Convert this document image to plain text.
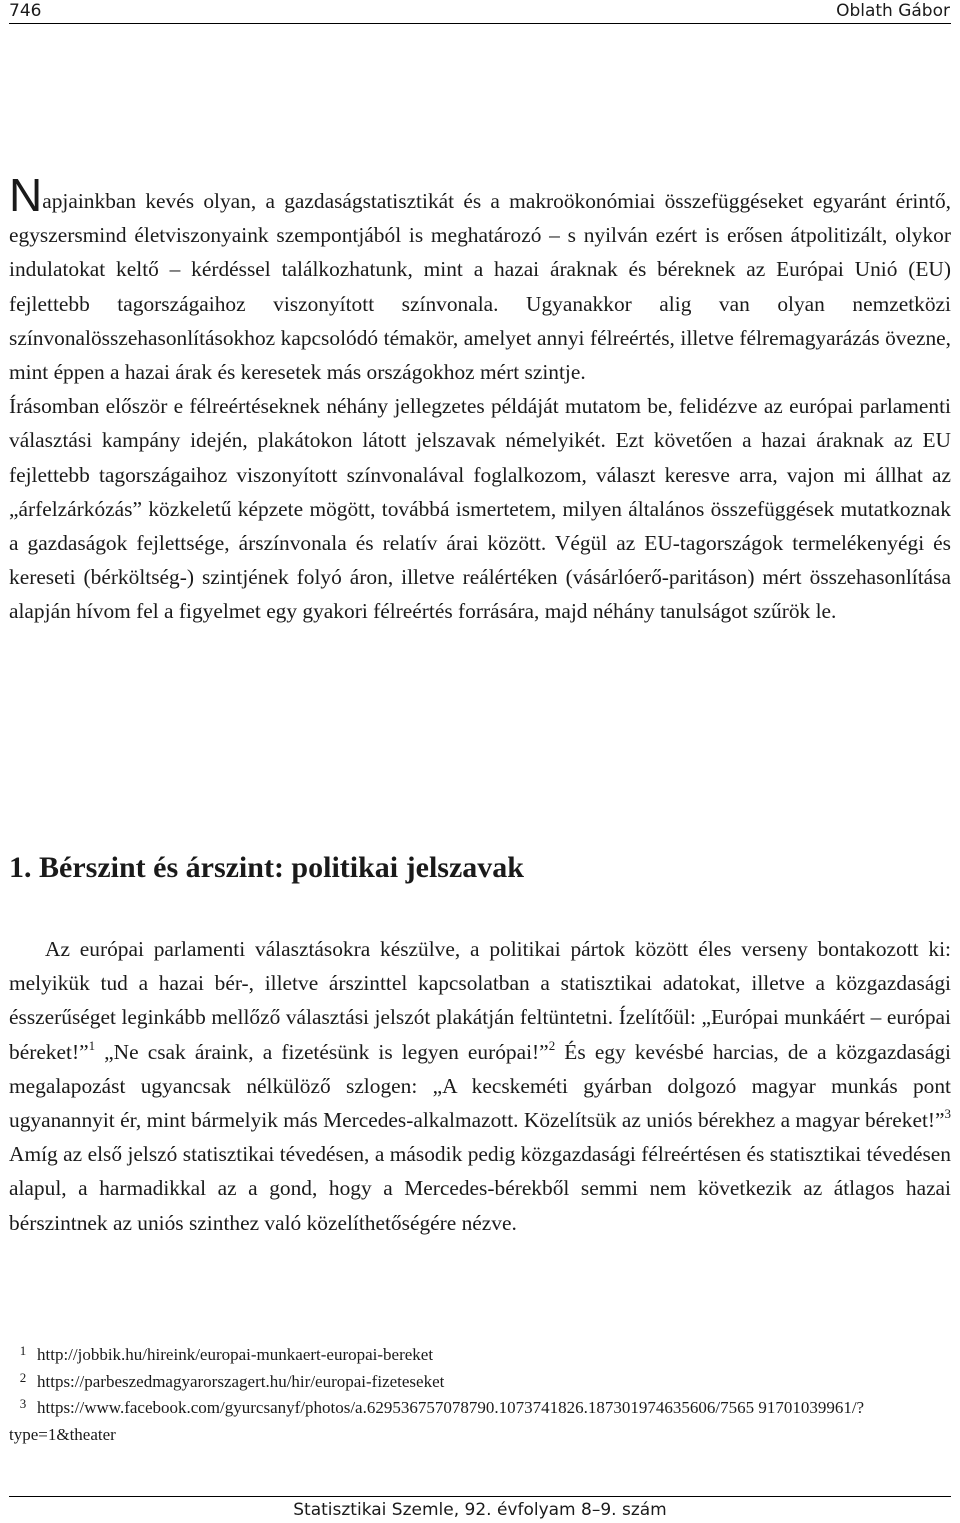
746	Oblath Gábor

Napjainkban kevés olyan, a gazdaságstatisztikát és a makroökonómiai összefüggéseket egyaránt érintő, egyszersmind életviszonyaink szempontjából is meghatározó – s nyilván ezért is erősen átpolitizált, olykor indulatokat keltő – kérdéssel találkozhatunk, mint a hazai áraknak és béreknek az Európai Unió (EU) fejlettebb tagországaihoz viszonyított színvonala. Ugyanakkor alig van olyan nemzetközi színvonalösszehasonlításokhoz kapcsolódó témakör, amelyet annyi félreértés, illetve félremagyarázás övezne, mint éppen a hazai árak és keresetek más országokhoz mért szintje.

Írásomban először e félreértéseknek néhány jellegzetes példáját mutatom be, felidézve az európai parlamenti választási kampány idején, plakátokon látott jelszavak némelyikét. Ezt követően a hazai áraknak az EU fejlettebb tagországaihoz viszonyított színvonalával foglalkozom, választ keresve arra, vajon mi állhat az „árfelzárkózás” közkeletű képzete mögött, továbbá ismertetem, milyen általános összefüggések mutatkoznak a gazdaságok fejlettsége, árszínvonala és relatív árai között. Végül az EU-tagországok termelékenyégi és kereseti (bérköltség-) szintjének folyó áron, illetve reálértéken (vásárlóerő-paritáson) mért összehasonlítása alapján hívom fel a figyelmet egy gyakori félreértés forrására, majd néhány tanulságot szűrök le.

1. Bérszint és árszint: politikai jelszavak

Az európai parlamenti választásokra készülve, a politikai pártok között éles verseny bontakozott ki: melyikük tud a hazai bér-, illetve árszinttel kapcsolatban a statisztikai adatokat, illetve a közgazdasági ésszerűséget leginkább mellőző választási jelszót plakátján feltüntetni. Ízelítőül: „Európai munkáért – európai béreket!”$^1$ „Ne csak áraink, a fizetésünk is legyen európai!”$^2$ És egy kevésbé harcias, de a közgazdasági megalapozást ugyancsak nélkülöző szlogen: „A kecskeméti gyárban dolgozó magyar munkás pont ugyanannyit ér, mint bármelyik más Mercedes-alkalmazott. Közelítsük az uniós bérekhez a magyar béreket!”$^3$ Amíg az első jelszó statisztikai tévedésen, a második pedig közgazdasági félreértésen és statisztikai tévedésen alapul, a harmadikkal az a gond, hogy a Mercedes-bérekből semmi nem következik az átlagos hazai bérszintnek az uniós szinthez való közelíthetőségére nézve.

1 http://jobbik.hu/hireink/europai-munkaert-europai-bereket

2 https://parbeszedmagyarorszagert.hu/hir/europai-fizeteseket

3 https://www.facebook.com/gyurcsanyf/photos/a.629536757078790.1073741826.187301974635606/7565 91701039961/?type=1&theater

Statisztikai Szemle, 92. évfolyam 8–9. szám
